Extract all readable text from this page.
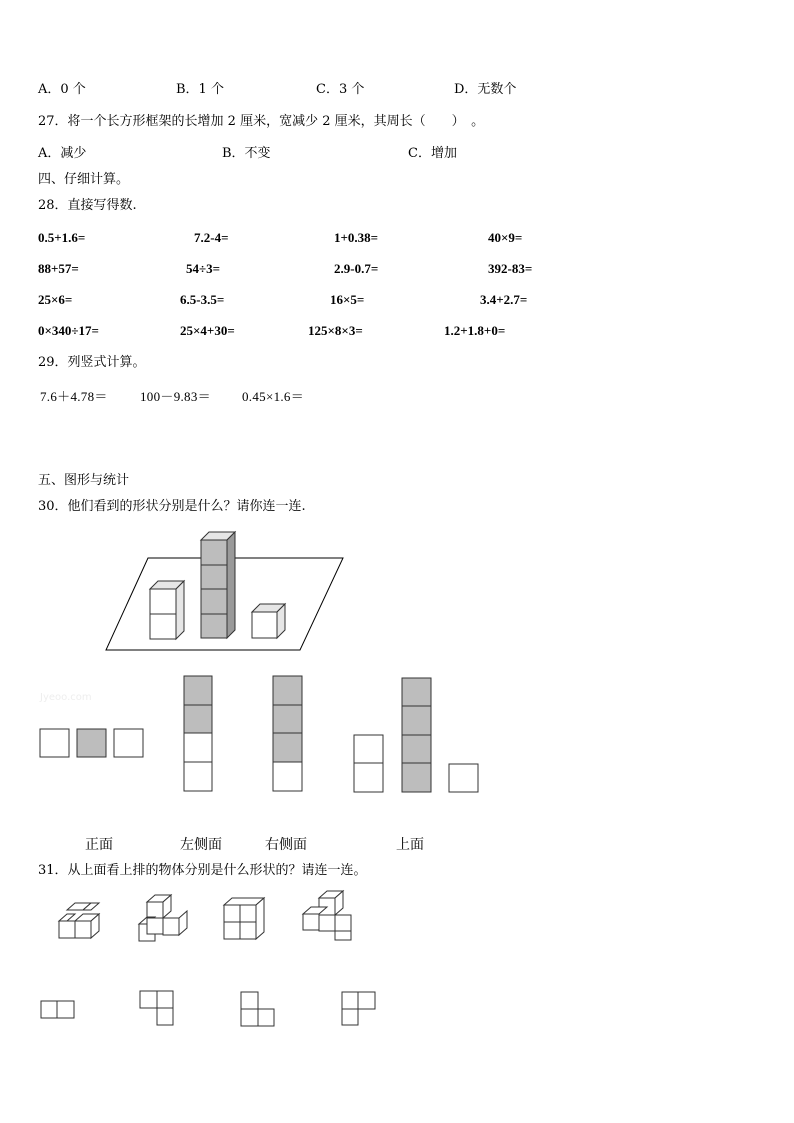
A．0 个	B．1 个	C．3 个	D．无数个
27．将一个长方形框架的长增加 2 厘米，宽减少 2 厘米，其周长（　　）　。
A．减少	B．不变	C．增加
四、仔细计算。
28．直接写得数.
0.5+1.6=	7.2-4=	1+0.38=	40×9=
88+57=	54÷3=	2.9-0.7=	392-83=
25×6=	6.5-3.5=	16×5=	3.4+2.7=
0×340÷17=	25×4+30=	125×8×3=	1.2+1.8+0=
29．列竖式计算。
7.6＋4.78＝ 100－9.83＝ 0.45×1.6＝
五、图形与统计
30．他们看到的形状分别是什么？请你连一连.
Jyeoo.com
正面	左侧面	右侧面	上面
31．从上面看上排的物体分别是什么形状的？请连一连。
